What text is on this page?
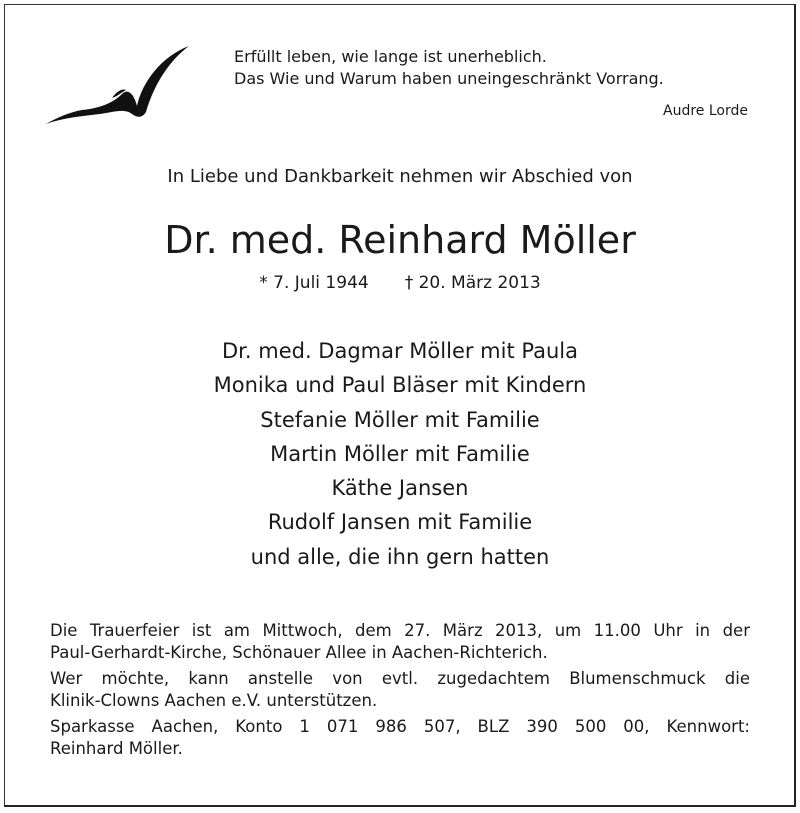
Erfüllt leben, wie lange ist unerheblich.
Das Wie und Warum haben uneingeschränkt Vorrang.
Audre Lorde
In Liebe und Dankbarkeit nehmen wir Abschied von
Dr. med. Reinhard Möller
* 7. Juli 1944 † 20. März 2013
Dr. med. Dagmar Möller mit Paula
Monika und Paul Bläser mit Kindern
Stefanie Möller mit Familie
Martin Möller mit Familie
Käthe Jansen
Rudolf Jansen mit Familie
und alle, die ihn gern hatten
Die Trauerfeier ist am Mittwoch, dem 27. März 2013, um 11.00 Uhr in der
Paul-Gerhardt-Kirche, Schönauer Allee in Aachen-Richterich.
Wer möchte, kann anstelle von evtl. zugedachtem Blumenschmuck die
Klinik-Clowns Aachen e.V. unterstützen.
Sparkasse Aachen, Konto 1 071 986 507, BLZ 390 500 00, Kennwort:
Reinhard Möller.
